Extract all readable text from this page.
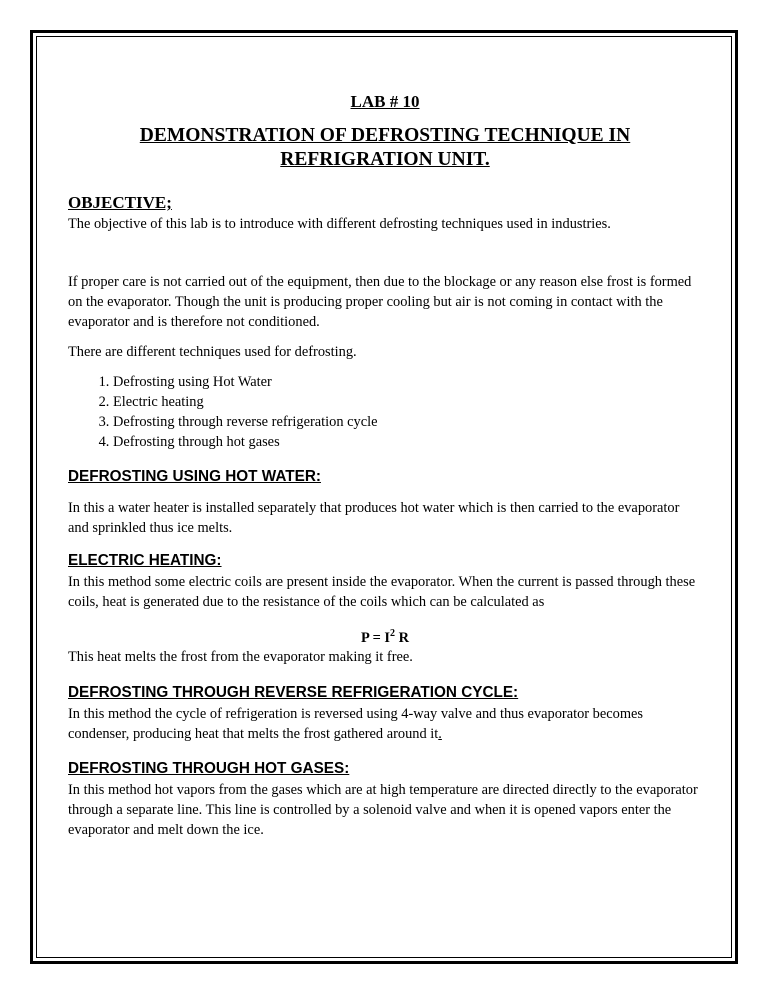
LAB # 10
DEMONSTRATION OF DEFROSTING TECHNIQUE IN REFRIGRATION UNIT.
OBJECTIVE;

The objective of this lab is to introduce with different defrosting techniques used in industries.

If proper care is not carried out of the equipment, then due to the blockage or any reason else frost is formed on the evaporator. Though the unit is producing proper cooling but air is not coming in contact with the evaporator and is therefore not conditioned.

There are different techniques used for defrosting.

1. Defrosting using Hot Water
2. Electric heating
3. Defrosting through reverse refrigeration cycle
4. Defrosting through hot gases
DEFROSTING USING HOT WATER:

In this a water heater is installed separately that produces hot water which is then carried to the evaporator and sprinkled thus ice melts.

ELECTRIC HEATING:

In this method some electric coils are present inside the evaporator. When the current is passed through these coils, heat is generated due to the resistance of the coils which can be calculated as

$P = I^2$ R

This heat melts the frost from the evaporator making it free.

DEFROSTING THROUGH REVERSE REFRIGERATION CYCLE:

In this method the cycle of refrigeration is reversed using 4-way valve and thus evaporator becomes condenser, producing heat that melts the frost gathered around it.

DEFROSTING THROUGH HOT GASES:

In this method hot vapors from the gases which are at high temperature are directed directly to the evaporator through a separate line. This line is controlled by a solenoid valve and when it is opened vapors enter the evaporator and melt down the ice.
